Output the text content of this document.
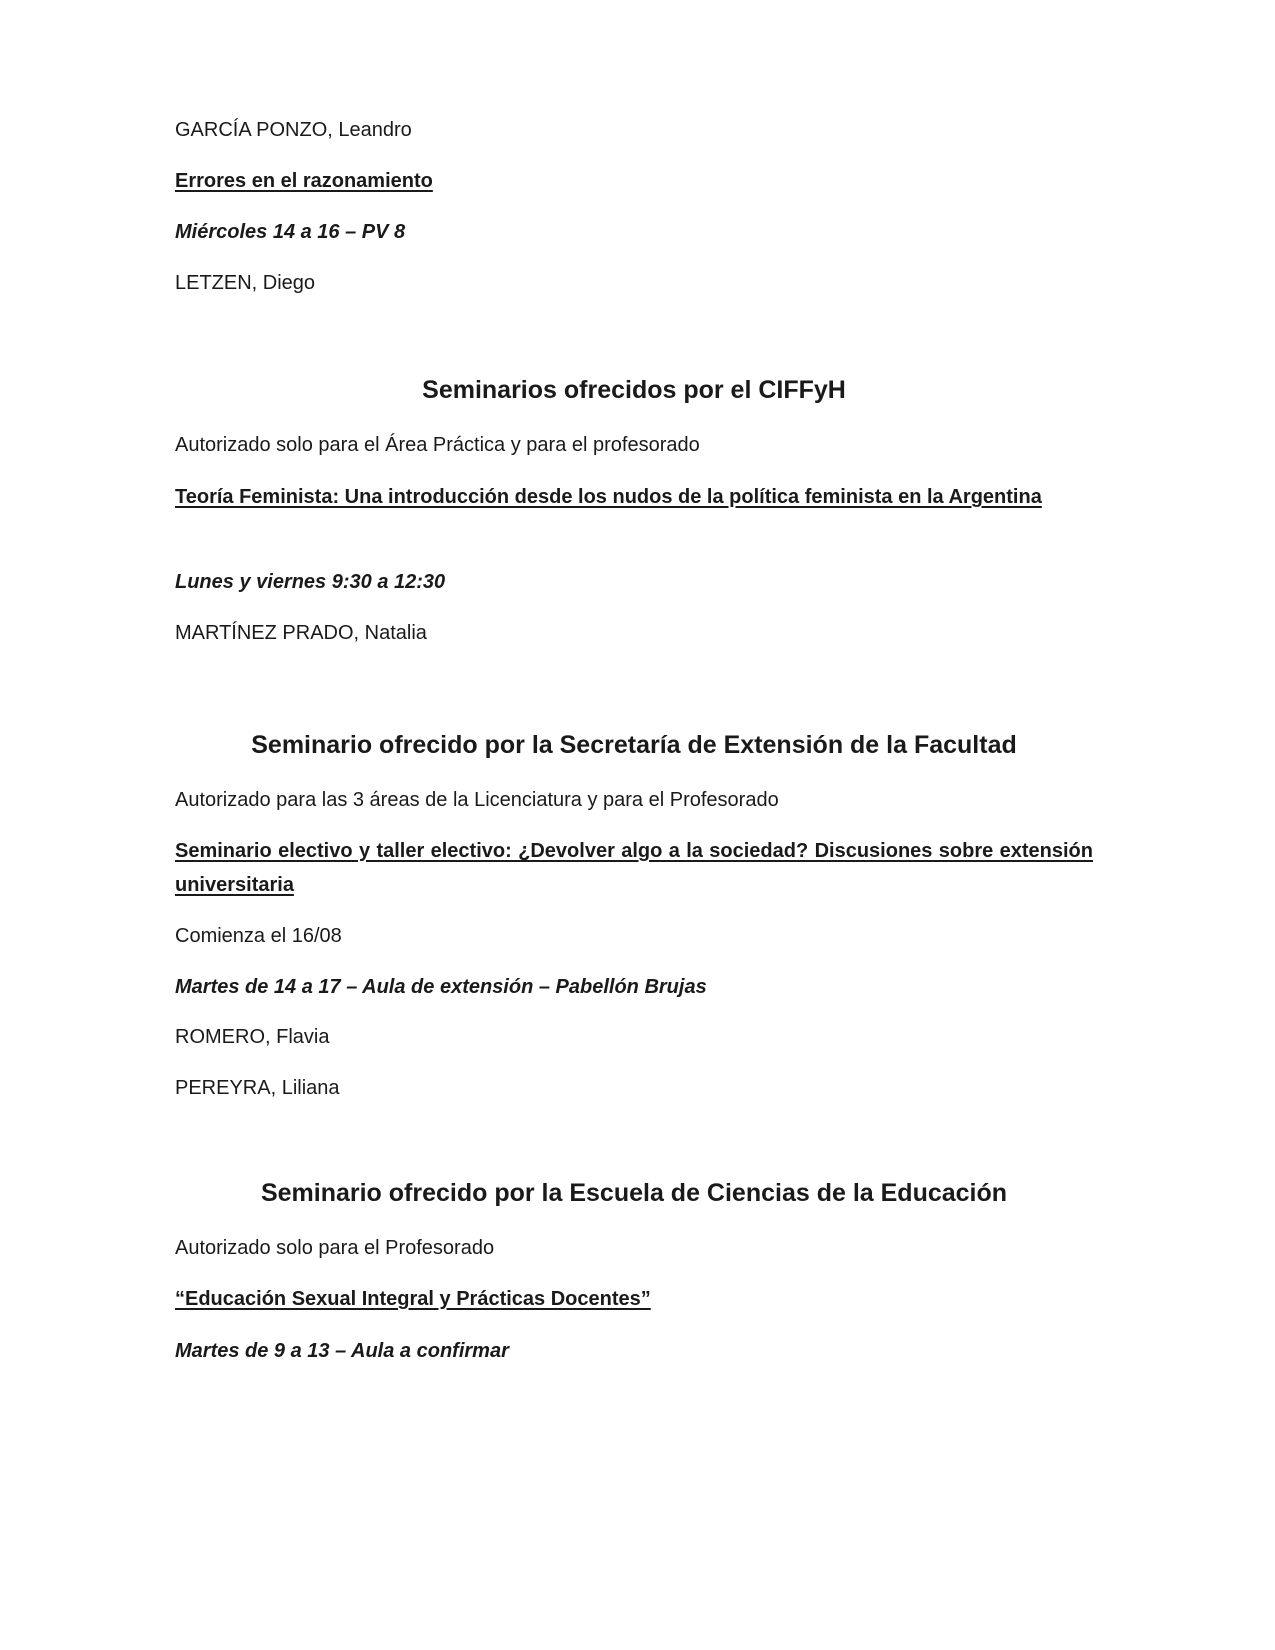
GARCÍA PONZO, Leandro

Errores en el razonamiento

Miércoles 14 a 16 – PV 8

LETZEN, Diego

Seminarios ofrecidos por el CIFFyH

Autorizado solo para el Área Práctica y para el profesorado

Teoría Feminista: Una introducción desde los nudos de la política feminista en la Argentina

Lunes y viernes 9:30 a 12:30

MARTÍNEZ PRADO, Natalia

Seminario ofrecido por la Secretaría de Extensión de la Facultad

Autorizado para las 3 áreas de la Licenciatura y para el Profesorado

Seminario electivo y taller electivo: ¿Devolver algo a la sociedad? Discusiones sobre extensión universitaria

Comienza el 16/08

Martes de 14 a 17 – Aula de extensión – Pabellón Brujas

ROMERO, Flavia

PEREYRA, Liliana

Seminario ofrecido por la Escuela de Ciencias de la Educación

Autorizado solo para el Profesorado

“Educación Sexual Integral y Prácticas Docentes”

Martes de 9 a 13 – Aula a confirmar
